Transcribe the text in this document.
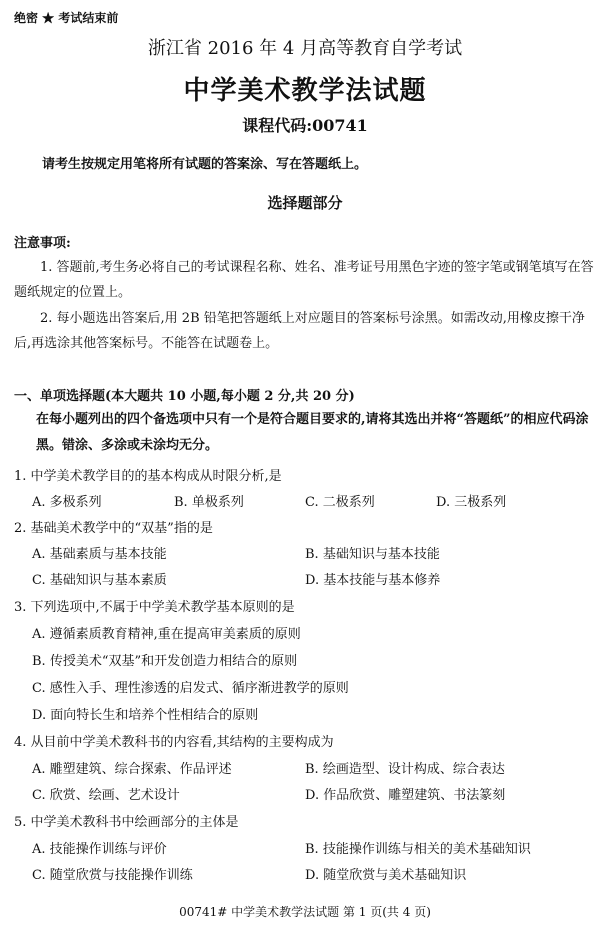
绝密 ★ 考试结束前
浙江省 2016 年 4 月高等教育自学考试
中学美术教学法试题
课程代码:00741
请考生按规定用笔将所有试题的答案涂、写在答题纸上。
选择题部分
注意事项:
1. 答题前,考生务必将自己的考试课程名称、姓名、准考证号用黑色字迹的签字笔或钢笔填写在答题纸规定的位置上。
2. 每小题选出答案后,用 2B 铅笔把答题纸上对应题目的答案标号涂黑。如需改动,用橡皮擦干净后,再选涂其他答案标号。不能答在试题卷上。
一、单项选择题(本大题共 10 小题,每小题 2 分,共 20 分)
在每小题列出的四个备选项中只有一个是符合题目要求的,请将其选出并将“答题纸”的相应代码涂黑。错涂、多涂或未涂均无分。
1. 中学美术教学目的的基本构成从时限分析,是
A. 多极系列	B. 单极系列	C. 二极系列	D. 三极系列
2. 基础美术教学中的“双基”指的是
A. 基础素质与基本技能	B. 基础知识与基本技能
C. 基础知识与基本素质	D. 基本技能与基本修养
3. 下列选项中,不属于中学美术教学基本原则的是
A. 遵循素质教育精神,重在提高审美素质的原则
B. 传授美术“双基”和开发创造力相结合的原则
C. 感性入手、理性渗透的启发式、循序渐进教学的原则
D. 面向特长生和培养个性相结合的原则
4. 从目前中学美术教科书的内容看,其结构的主要构成为
A. 雕塑建筑、综合探索、作品评述	B. 绘画造型、设计构成、综合表达
C. 欣赏、绘画、艺术设计	D. 作品欣赏、雕塑建筑、书法篆刻
5. 中学美术教科书中绘画部分的主体是
A. 技能操作训练与评价	B. 技能操作训练与相关的美术基础知识
C. 随堂欣赏与技能操作训练	D. 随堂欣赏与美术基础知识
00741# 中学美术教学法试题 第 1 页(共 4 页)
